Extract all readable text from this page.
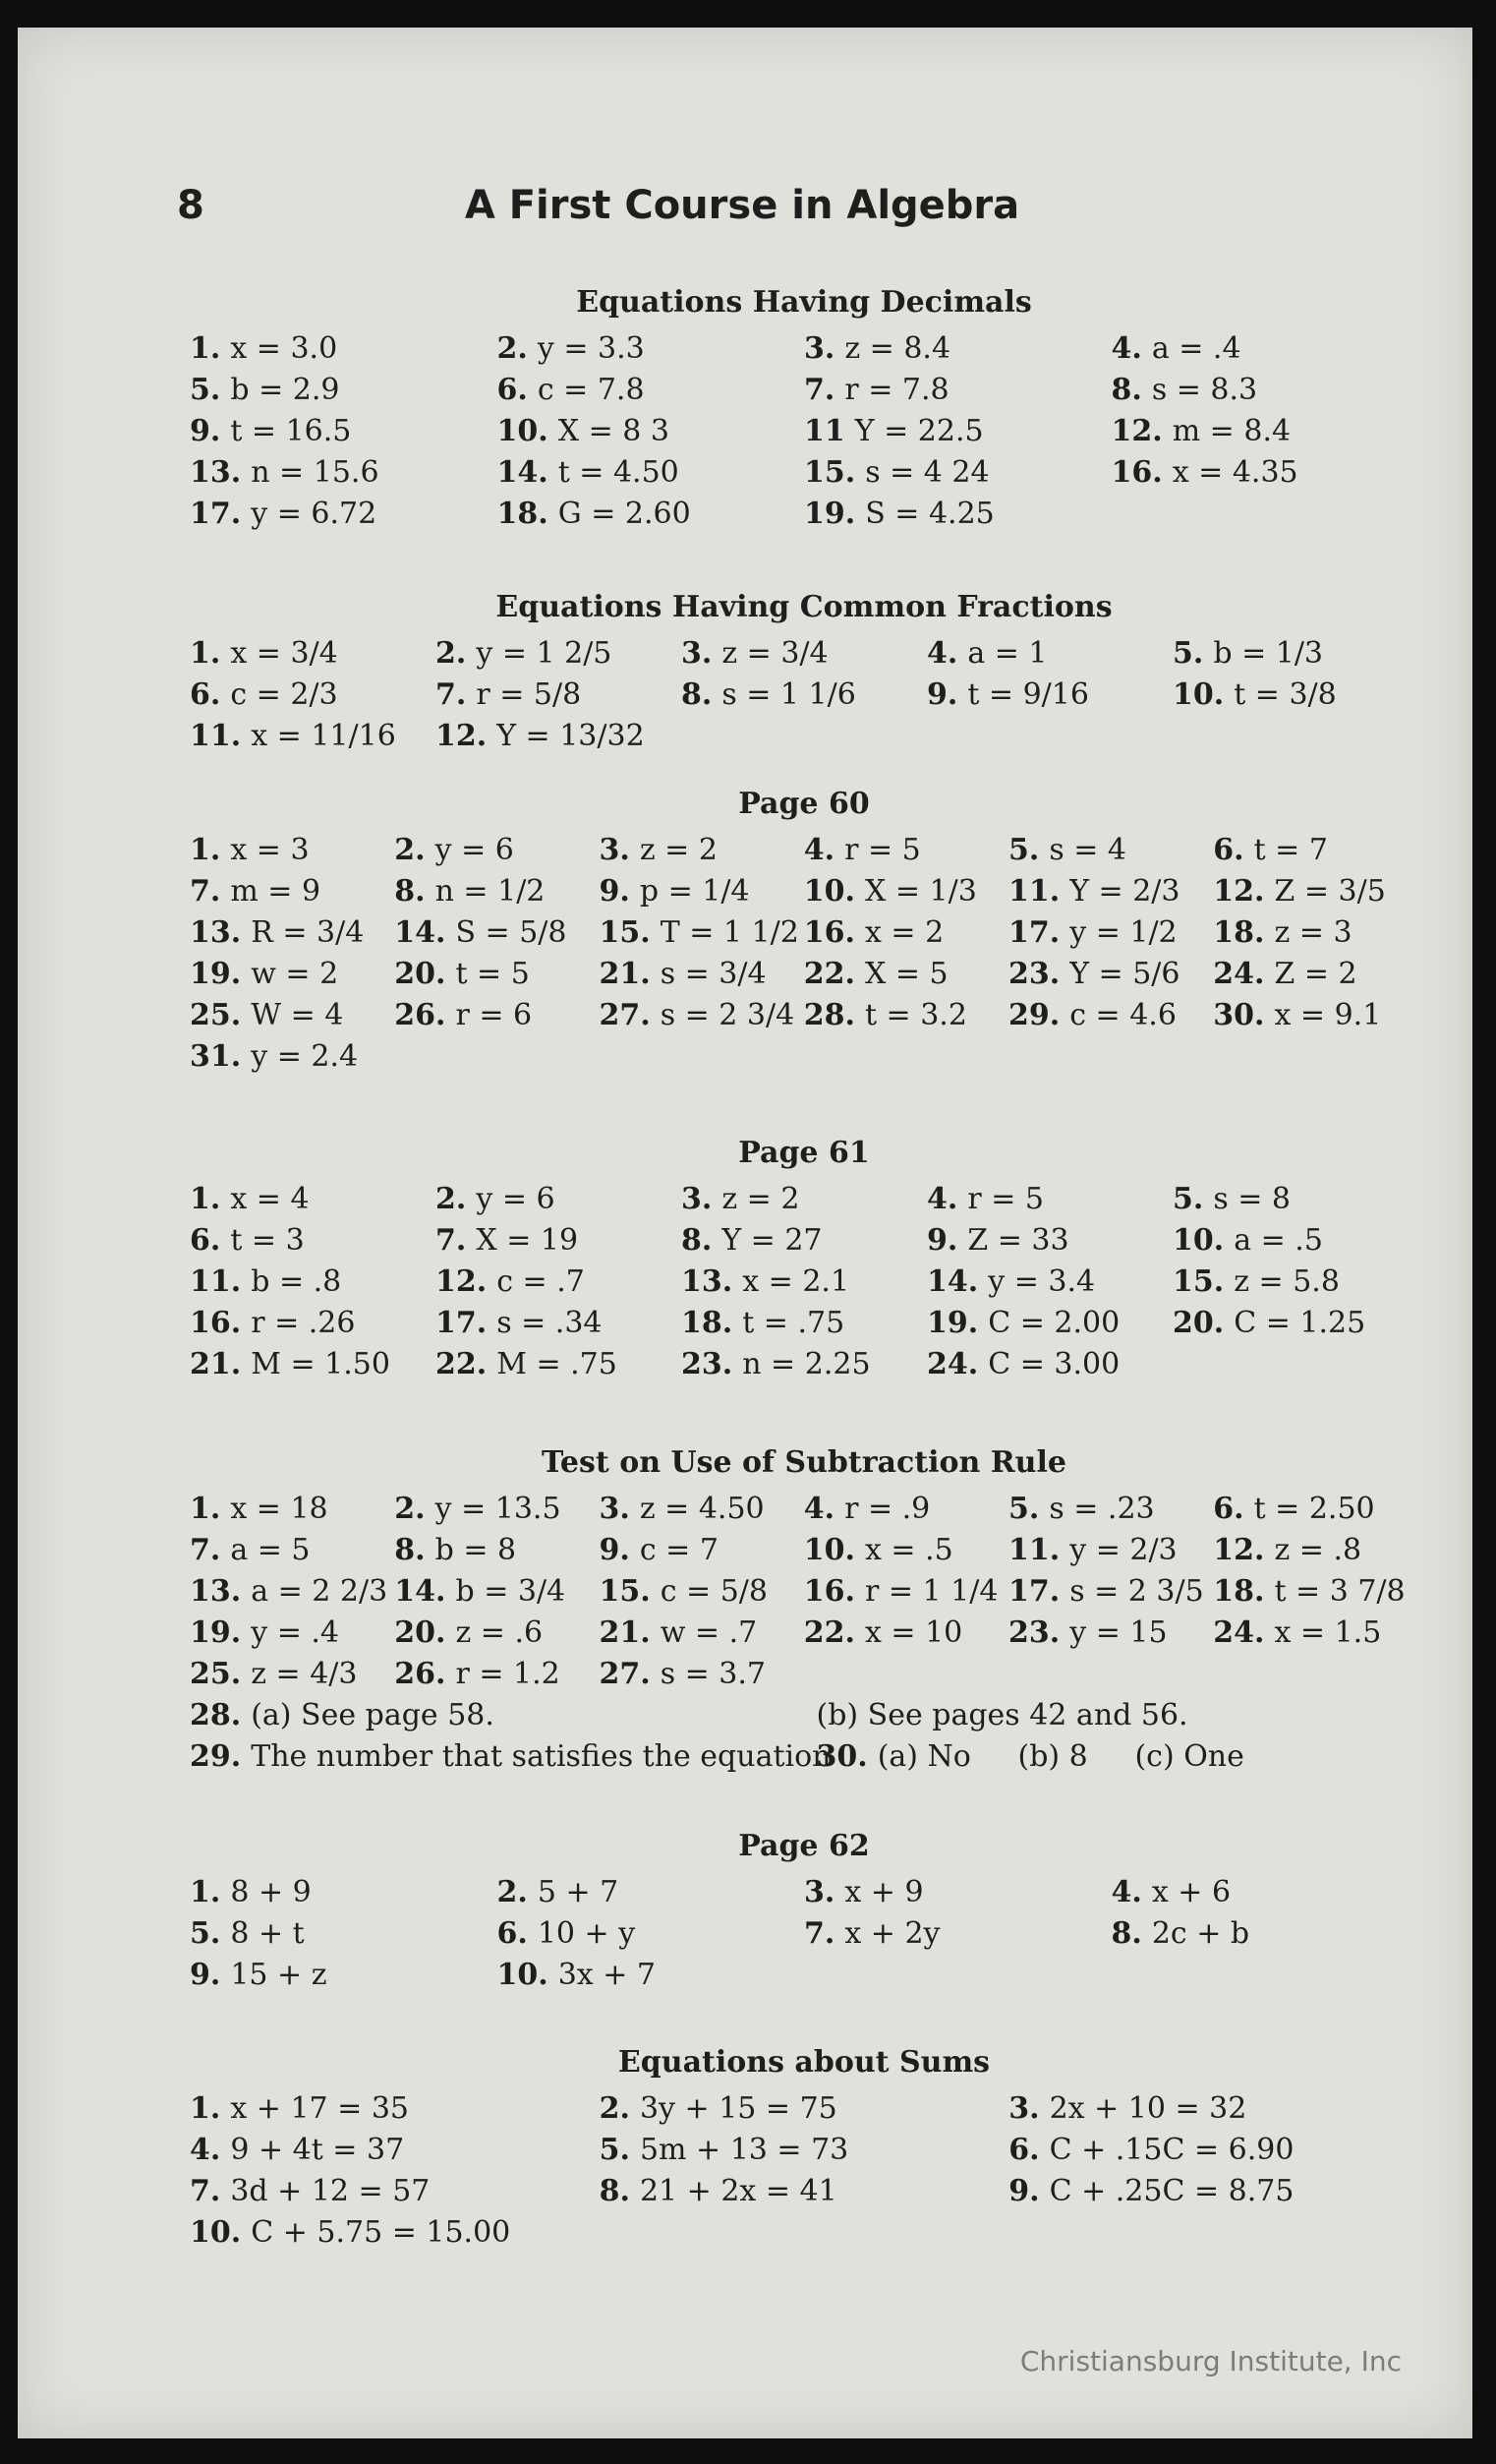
8	A First Course in Algebra
Equations Having Decimals
1. x = 3.0	2. y = 3.3	3. z = 8.4	4. a = .4
5. b = 2.9	6. c = 7.8	7. r = 7.8	8. s = 8.3
9. t = 16.5	10. X = 8 3	11 Y = 22.5	12. m = 8.4
13. n = 15.6	14. t = 4.50	15. s = 4 24	16. x = 4.35
17. y = 6.72	18. G = 2.60	19. S = 4.25
Equations Having Common Fractions
1. x = 3/4	2. y = 1 2/5 3. z = 3/4	4. a = 1	5. b = 1/3
6. c = 2/3	7. r = 5/8	8. s = 1 1/6 9. t = 9/16	10. t = 3/8
11. x = 11/16 12. Y = 13/32
Page 60
1. x = 3	2. y = 6	3. z = 2	4. r = 5	5. s = 4	6. t = 7
7. m = 9	8. n = 1/2 9. p = 1/4 10. X = 1/3 11. Y = 2/3 12. Z = 3/5
13. R = 3/4 14. S = 5/8 15. T = 1 1/2 16. x = 2 17. y = 1/2 18. z = 3
19. w = 2 20. t = 5 21. s = 3/4 22. X = 5 23. Y = 5/6 24. Z = 2
25. W = 4 26. r = 6 27. s = 2 3/4 28. t = 3.2 29. c = 4.6 30. x = 9.1
31. y = 2.4
Page 61
1. x = 4	2. y = 6	3. z = 2	4. r = 5	5. s = 8
6. t = 3	7. X = 19	8. Y = 27	9. Z = 33	10. a = .5
11. b = .8	12. c = .7	13. x = 2.1	14. y = 3.4	15. z = 5.8
16. r = .26	17. s = .34	18. t = .75	19. C = 2.00 20. C = 1.25
21. M = 1.50 22. M = .75 23. n = 2.25 24. C = 3.00
Test on Use of Subtraction Rule
1. x = 18 2. y = 13.5 3. z = 4.50 4. r = .9	5. s = .23 6. t = 2.50
7. a = 5	8. b = 8	9. c = 7	10. x = .5 11. y = 2/3 12. z = .8
13. a = 2 2/3 14. b = 3/4 15. c = 5/8 16. r = 1 1/4 17. s = 2 3/5 18. t = 3 7/8
19. y = .4 20. z = .6 21. w = .7 22. x = 10 23. y = 15 24. x = 1.5
25. z = 4/3 26. r = 1.2 27. s = 3.7
28. (a) See page 58.	(b) See pages 42 and 56.
29. The number that satisfies the equation
30. (a) No     (b) 8     (c) One
Page 62
1. 8 + 9	2. 5 + 7	3. x + 9	4. x + 6
5. 8 + t	6. 10 + y	7. x + 2y	8. 2c + b
9. 15 + z	10. 3x + 7
Equations about Sums
1. x + 17 = 35	2. 3y + 15 = 75	3. 2x + 10 = 32
4. 9 + 4t = 37	5. 5m + 13 = 73	6. C + .15C = 6.90
7. 3d + 12 = 57	8. 21 + 2x = 41	9. C + .25C = 8.75
10. C + 5.75 = 15.00
Christiansburg Institute, Inc
